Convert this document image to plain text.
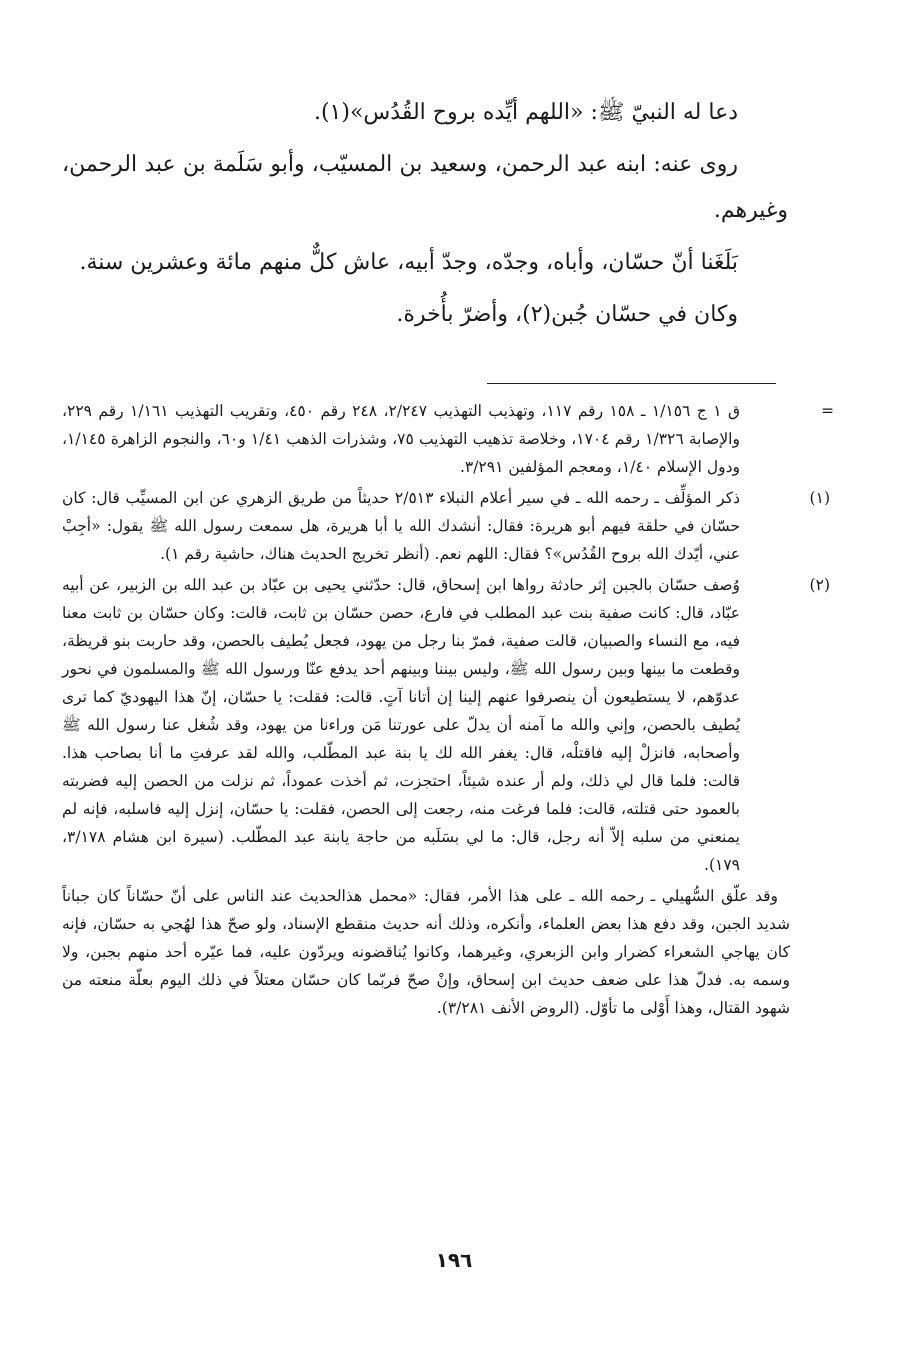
دعا له النبيّ ﷺ: «اللهم أيِّده بروح القُدُس»(١).

روى عنه: ابنه عبد الرحمن، وسعيد بن المسيّب، وأبو سَلَمة بن عبد الرحمن، وغيرهم.

بَلَغَنا أنّ حسّان، وأباه، وجدّه، وجدّ أبيه، عاش كلٌّ منهم مائة وعشرين سنة.

وكان في حسّان جُبن(٢)، وأضرّ بأُخرة.

=
ق ١ ج ١/١٥٦ ـ ١٥٨ رقم ١١٧، وتهذيب التهذيب ٢/٢٤٧، ٢٤٨ رقم ٤٥٠، وتقريب التهذيب ١/١٦١ رقم ٢٢٩، والإصابة ١/٣٢٦ رقم ١٧٠٤، وخلاصة تذهيب التهذيب ٧٥، وشذرات الذهب ١/٤١ و٦٠، والنجوم الزاهرة ١/١٤٥، ودول الإسلام ١/٤٠، ومعجم المؤلفين ٣/٢٩١.
(١)
ذكر المؤلِّف ـ رحمه الله ـ في سير أعلام النبلاء ٢/٥١٣ حديثاً من طريق الزهري عن ابن المسيِّب قال: كان حسّان في حلقة فيهم أبو هريرة: فقال: أنشدك الله يا أبا هريرة، هل سمعت رسول الله ﷺ يقول: «أجِبْ عني، أيّدك الله بروح القُدُس»؟ فقال: اللهم نعم. (أنظر تخريج الحديث هناك، حاشية رقم ١).
(٢)
وُصف حسّان بالجبن إثر حادثة رواها ابن إسحاق، قال: حدّثني يحيى بن عبّاد بن عبد الله بن الزبير، عن أبيه عبّاد، قال: كانت صفية بنت عبد المطلب في فارع، حصن حسّان بن ثابت، قالت: وكان حسّان بن ثابت معنا فيه، مع النساء والصبيان، قالت صفية، فمرّ بنا رجل من يهود، فجعل يُطيف بالحصن، وقد حاربت بنو قريظة، وقطعت ما بينها وبين رسول الله ﷺ، وليس بيننا وبينهم أحد يدفع عنّا ورسول الله ﷺ والمسلمون في نحور عدوّهم، لا يستطيعون أن ينصرفوا عنهم إلينا إن أتانا آتٍ. قالت: فقلت: يا حسّان، إنّ هذا اليهوديّ كما ترى يُطيف بالحصن، وإني والله ما آمنه أن يدلّ على عورتنا مَن وراءنا من يهود، وقد شُغل عنا رسول الله ﷺ وأصحابه، فانزلْ إليه فاقتلْه، قال: يغفر الله لك يا بنة عبد المطّلب، والله لقد عرفتِ ما أنا بصاحب هذا. قالت: فلما قال لي ذلك، ولم أر عنده شيئاً، احتجزت، ثم أخذت عموداً، ثم نزلت من الحصن إليه فضربته بالعمود حتى قتلته، قالت: فلما فرغت منه، رجعت إلى الحصن، فقلت: يا حسّان، إنزل إليه فاسلبه، فإنه لم يمنعني من سلبه إلاّ أنه رجل، قال: ما لي بسَلَبه من حاجة يابنة عبد المطّلب. (سيرة ابن هشام ٣/١٧٨، ١٧٩).
وقد علّق السُّهيلي ـ رحمه الله ـ على هذا الأمر، فقال: «محمل هذالحديث عند الناس على أنّ حسّاناً كان جباناً شديد الجبن، وقد دفع هذا بعض العلماء، وأنكره، وذلك أنه حديث منقطع الإسناد، ولو صحّ هذا لهُجي به حسّان، فإنه كان يهاجي الشعراء كضرار وابن الزبعري، وغيرهما، وكانوا يُناقضونه ويردّون عليه، فما عيّره أحد منهم بجبن، ولا وسمه به. فدلّ هذا على ضعف حديث ابن إسحاق، وإنْ صحّ فربّما كان حسّان معتلاً في ذلك اليوم بعلّة منعته من شهود القتال، وهذا أَوْلى ما تأوّل. (الروض الأنف ٣/٢٨١).
١٩٦
